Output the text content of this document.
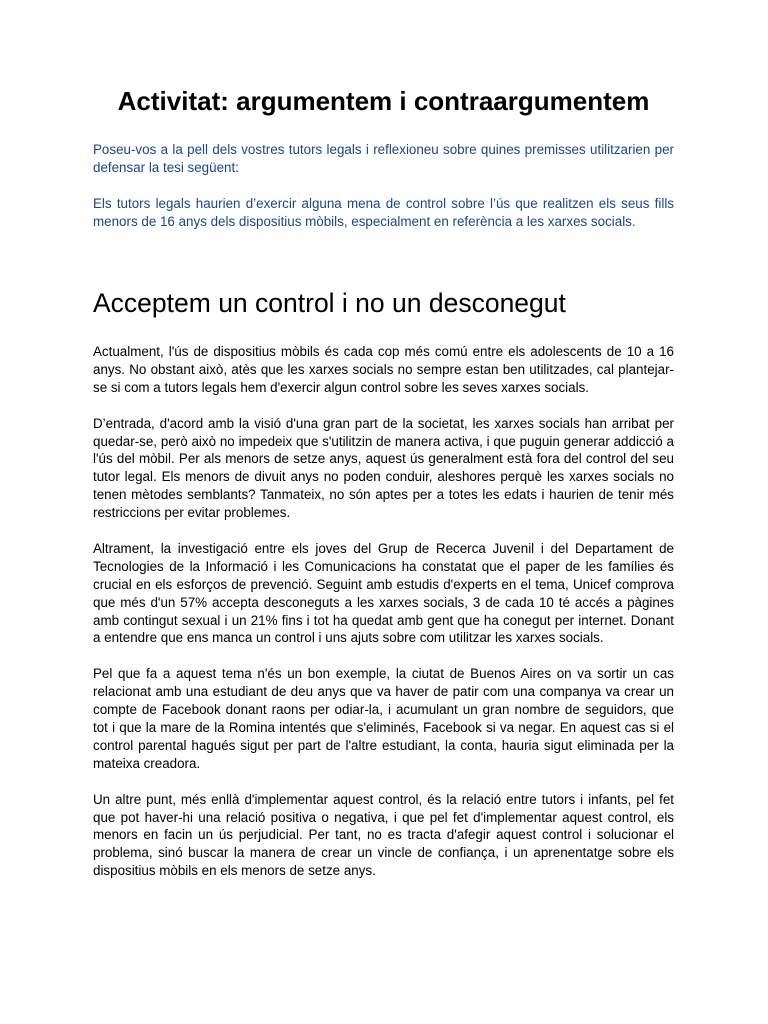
Activitat: argumentem i contraargumentem

Poseu-vos a la pell dels vostres tutors legals i reflexioneu sobre quines premisses utilitzarien per defensar la tesi següent:

Els tutors legals haurien d’exercir alguna mena de control sobre l’ús que realitzen els seus fills menors de 16 anys dels dispositius mòbils, especialment en referència a les xarxes socials.

Acceptem un control i no un desconegut

Actualment, l'ús de dispositius mòbils és cada cop més comú entre els adolescents de 10 a 16 anys. No obstant això, atès que les xarxes socials no sempre estan ben utilitzades, cal plantejar-se si com a tutors legals hem d'exercir algun control sobre les seves xarxes socials.

D’entrada, d'acord amb la visió d'una gran part de la societat, les xarxes socials han arribat per quedar-se, però això no impedeix que s'utilitzin de manera activa, i que puguin generar addicció a l'ús del mòbil. Per als menors de setze anys, aquest ús generalment està fora del control del seu tutor legal. Els menors de divuit anys no poden conduir, aleshores perquè les xarxes socials no tenen mètodes semblants? Tanmateix, no són aptes per a totes les edats i haurien de tenir més restriccions per evitar problemes.

Altrament, la investigació entre els joves del Grup de Recerca Juvenil i del Departament de Tecnologies de la Informació i les Comunicacions ha constatat que el paper de les famílies és crucial en els esforços de prevenció. Seguint amb estudis d'experts en el tema, Unicef comprova que més d'un 57% accepta desconeguts a les xarxes socials, 3 de cada 10 té accés a pàgines amb contingut sexual i un 21% fins i tot ha quedat amb gent que ha conegut per internet. Donant a entendre que ens manca un control i uns ajuts sobre com utilitzar les xarxes socials.

Pel que fa a aquest tema n'és un bon exemple, la ciutat de Buenos Aires on va sortir un cas relacionat amb una estudiant de deu anys que va haver de patir com una companya va crear un compte de Facebook donant raons per odiar-la, i acumulant un gran nombre de seguidors, que tot i que la mare de la Romina intentés que s'eliminés, Facebook si va negar. En aquest cas si el control parental hagués sigut per part de l'altre estudiant, la conta, hauria sigut eliminada per la mateixa creadora.

Un altre punt, més enllà d'implementar aquest control, és la relació entre tutors i infants, pel fet que pot haver-hi una relació positiva o negativa, i que pel fet d'implementar aquest control, els menors en facin un ús perjudicial. Per tant, no es tracta d'afegir aquest control i solucionar el problema, sinó buscar la manera de crear un vincle de confiança, i un aprenentatge sobre els dispositius mòbils en els menors de setze anys.
